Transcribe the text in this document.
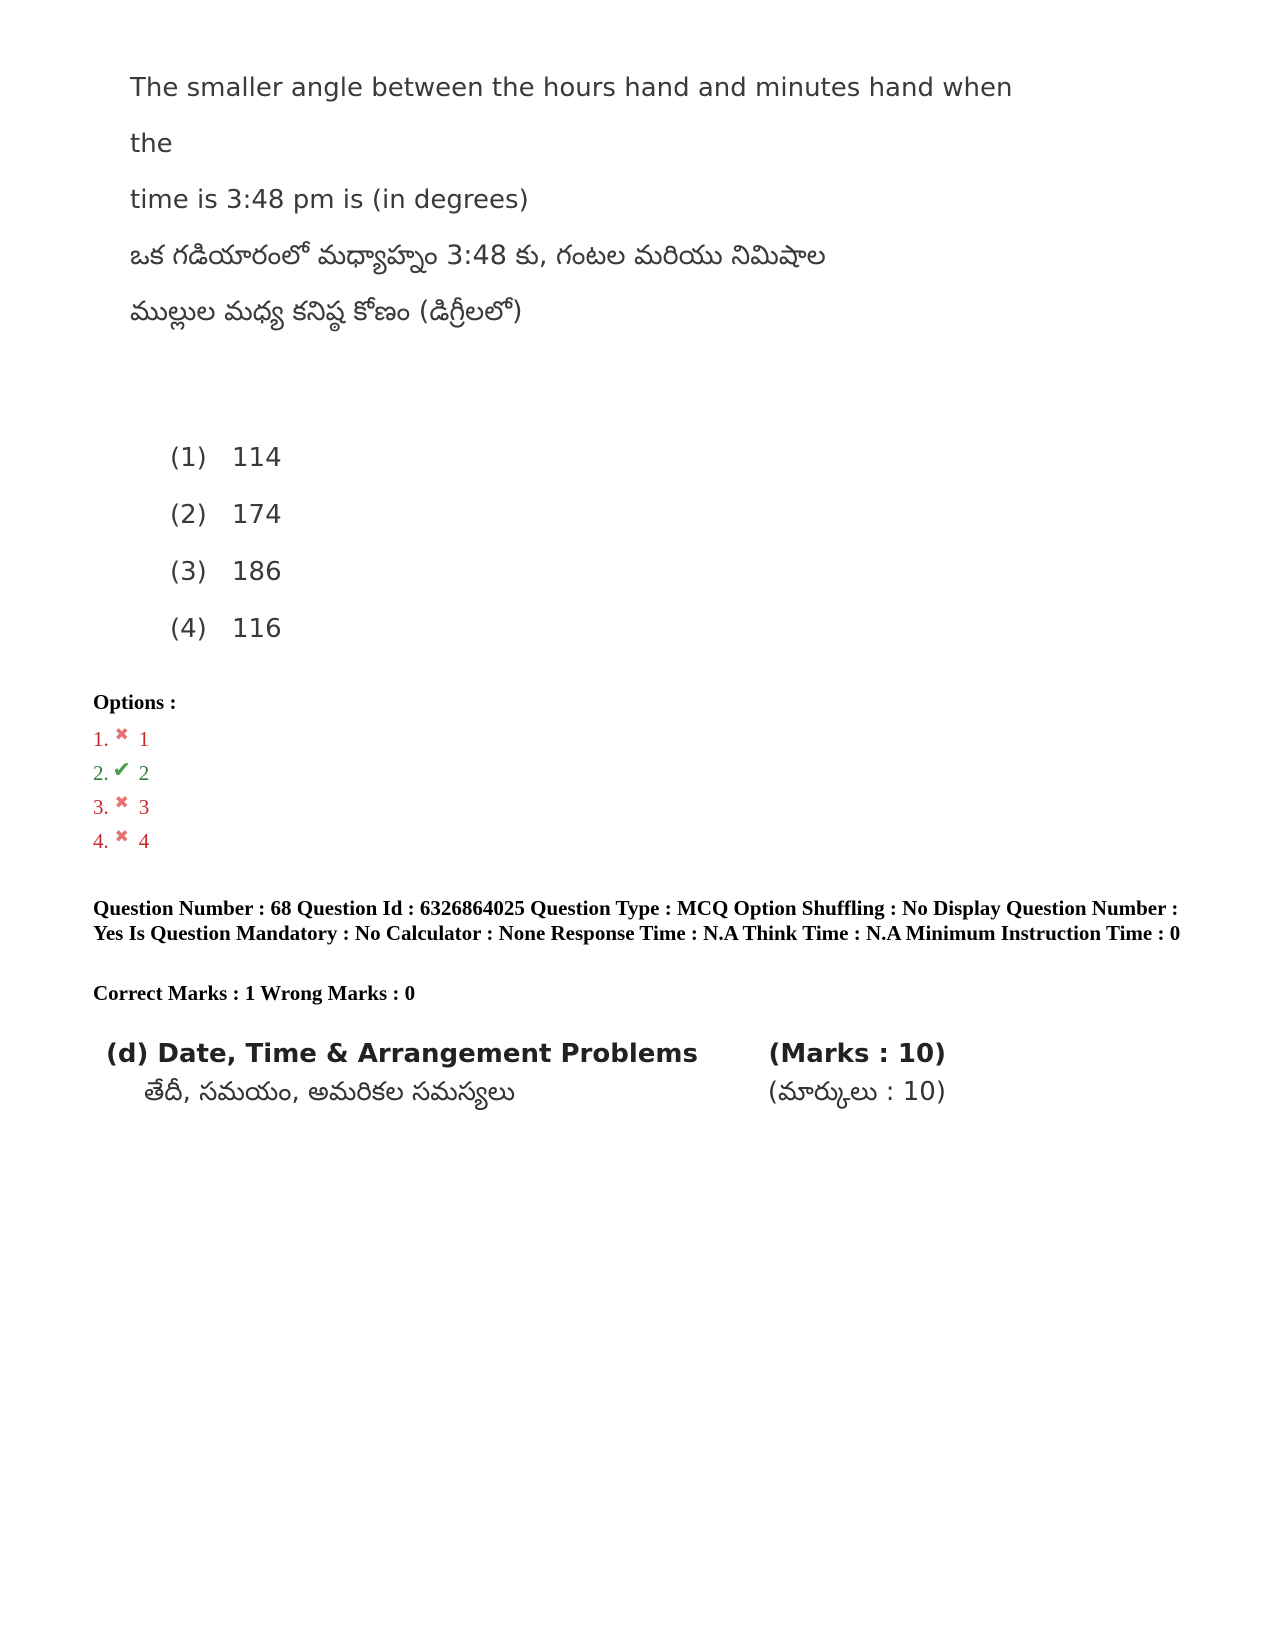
The smaller angle between the hours hand and minutes hand when the
time is 3:48 pm is (in degrees)

ఒక గడియారంలో మధ్యాహ్నం 3:48 కు, గంటల మరియు నిమిషాల
ముల్లుల మధ్య కనిష్ఠ కోణం (డిగ్రీలలో)

(1) 114
(2) 174
(3) 186
(4) 116

Options :

1. ✖ 1
2. ✔ 2
3. ✖ 3
4. ✖ 4

Question Number : 68 Question Id : 6326864025 Question Type : MCQ Option Shuffling : No Display Question Number : Yes Is Question Mandatory : No Calculator : None Response Time : N.A Think Time : N.A Minimum Instruction Time : 0

Correct Marks : 1 Wrong Marks : 0

(d) Date, Time & Arrangement Problems	(Marks : 10)
తేదీ, సమయం, అమరికల సమస్యలు	(మార్కులు : 10)
